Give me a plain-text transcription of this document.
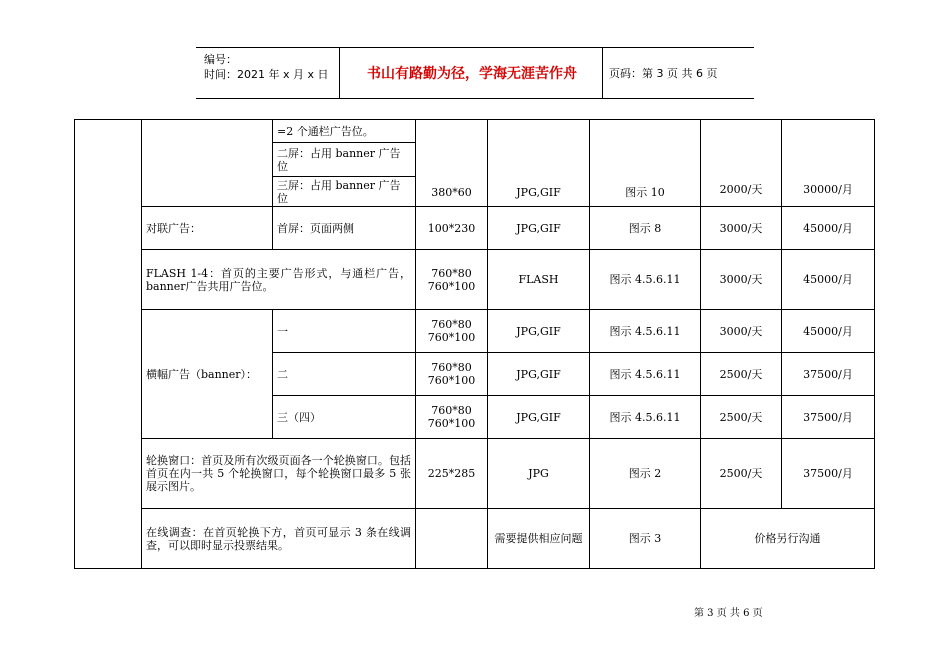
编号：
时间：2021 年 x 月 x 日	书山有路勤为径，学海无涯苦作舟	页码：第 3 页 共 6 页
		=2 个通栏广告位。	380*60	JPG,GIF	图示 10	2000/天	30000/月
		二屏：占用 banner 广告位					
		三屏：占用 banner 广告位					
	对联广告：	首屏：页面两侧	100*230	JPG,GIF	图示 8	3000/天	45000/月
	FLASH 1-4：首页的主要广告形式，与通栏广告，banner广告共用广告位。		760*80
760*100	FLASH	图示 4.5.6.11	3000/天	45000/月
	横幅广告（banner）：	一	760*80
760*100	JPG,GIF	图示 4.5.6.11	3000/天	45000/月
		二	760*80
760*100	JPG,GIF	图示 4.5.6.11	2500/天	37500/月
		三（四）	760*80
760*100	JPG,GIF	图示 4.5.6.11	2500/天	37500/月
	轮换窗口：首页及所有次级页面各一个轮换窗口。包括首页在内一共 5 个轮换窗口，每个轮换窗口最多 5 张展示图片。		225*285	JPG	图示 2	2500/天	37500/月
	在线调查：在首页轮换下方，首页可显示 3 条在线调查，可以即时显示投票结果。			需要提供相应问题	图示 3	价格另行沟通	
第 3 页 共 6 页
